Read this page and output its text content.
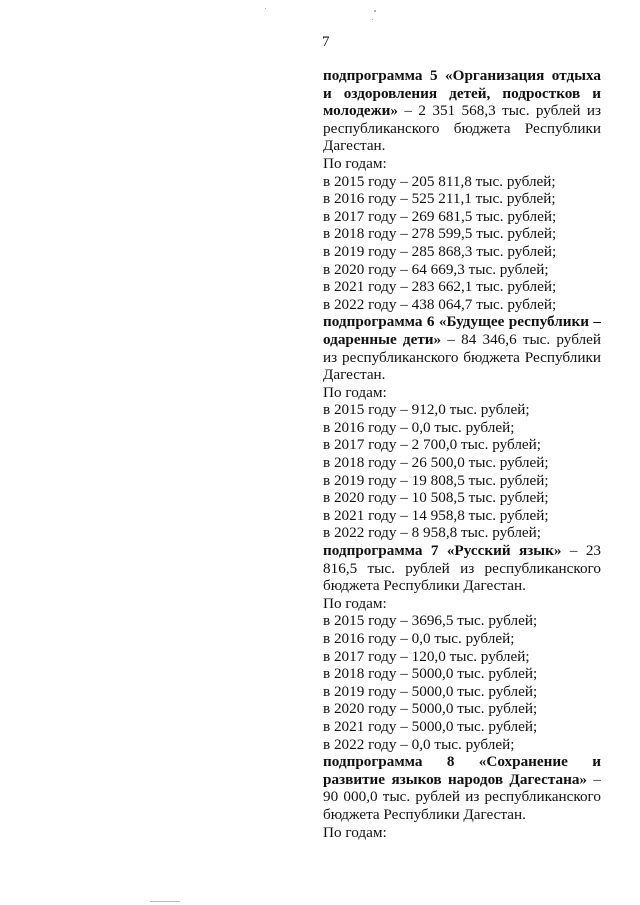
7
подпрограмма 5 «Организация отдыха и оздоровления детей, подростков и молодежи» – 2 351 568,3 тыс. рублей из республиканского бюджета Республики Дагестан.
По годам:
в 2015 году – 205 811,8 тыс. рублей;
в 2016 году – 525 211,1 тыс. рублей;
в 2017 году – 269 681,5 тыс. рублей;
в 2018 году – 278 599,5 тыс. рублей;
в 2019 году – 285 868,3 тыс. рублей;
в 2020 году – 64 669,3 тыс. рублей;
в 2021 году – 283 662,1 тыс. рублей;
в 2022 году – 438 064,7 тыс. рублей;
подпрограмма 6 «Будущее республики – одаренные дети» – 84 346,6 тыс. рублей из республиканского бюджета Республики Дагестан.
По годам:
в 2015 году – 912,0 тыс. рублей;
в 2016 году – 0,0 тыс. рублей;
в 2017 году – 2 700,0 тыс. рублей;
в 2018 году – 26 500,0 тыс. рублей;
в 2019 году – 19 808,5 тыс. рублей;
в 2020 году – 10 508,5 тыс. рублей;
в 2021 году – 14 958,8 тыс. рублей;
в 2022 году – 8 958,8 тыс. рублей;
подпрограмма 7 «Русский язык» – 23 816,5 тыс. рублей из республиканского бюджета Республики Дагестан.
По годам:
в 2015 году – 3696,5 тыс. рублей;
в 2016 году – 0,0 тыс. рублей;
в 2017 году – 120,0 тыс. рублей;
в 2018 году – 5000,0 тыс. рублей;
в 2019 году – 5000,0 тыс. рублей;
в 2020 году – 5000,0 тыс. рублей;
в 2021 году – 5000,0 тыс. рублей;
в 2022 году – 0,0 тыс. рублей;
подпрограмма 8 «Сохранение и развитие языков народов Дагестана» – 90 000,0 тыс. рублей из республиканского бюджета Республики Дагестан.
По годам:
